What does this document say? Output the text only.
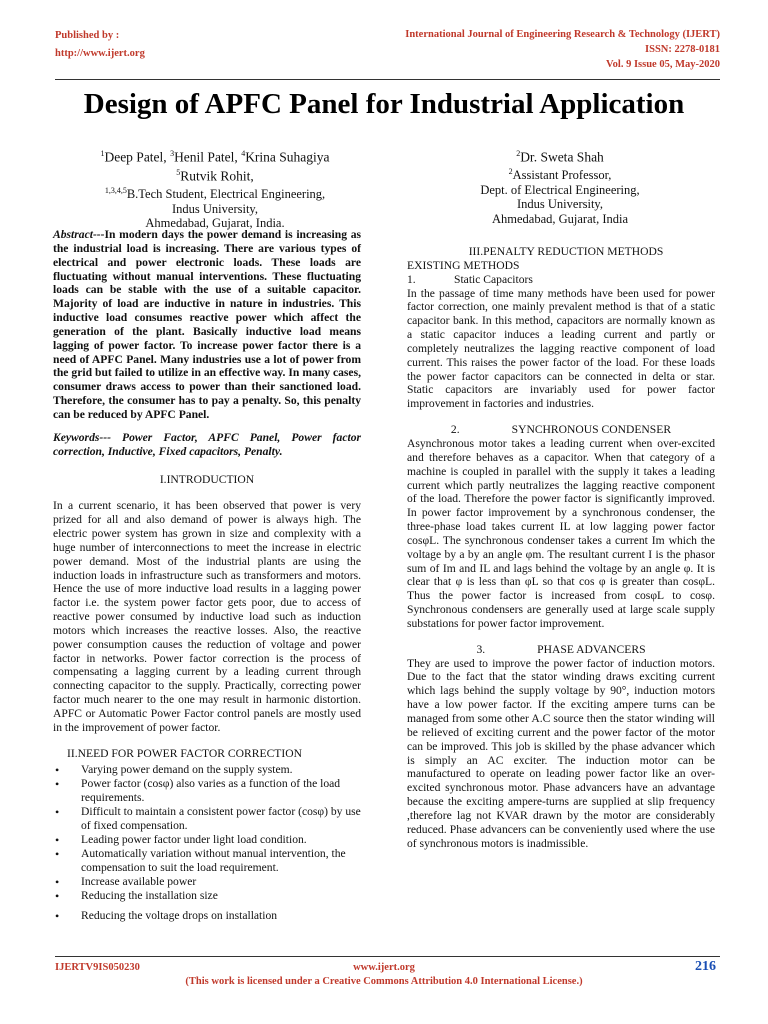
Published by :
http://www.ijert.org
International Journal of Engineering Research & Technology (IJERT)
ISSN: 2278-0181
Vol. 9 Issue 05, May-2020
Design of APFC Panel for Industrial Application
$^1$Deep Patel, $^3$Henil Patel, $^4$Krina Suhagiya
$^5$Rutvik Rohit,
$^{1,3,4,5}$B.Tech Student, Electrical Engineering,
Indus University,
Ahmedabad, Gujarat, India.
$^2$Dr. Sweta Shah
$^2$Assistant Professor,
Dept. of Electrical Engineering,
Indus University,
Ahmedabad, Gujarat, India

Abstract---In modern days the power demand is increasing as the industrial load is increasing. There are various types of electrical and power electronic loads. These loads are fluctuating without manual interventions. These fluctuating loads can be stable with the use of a suitable capacitor. Majority of load are inductive in nature in industries. This inductive load consumes reactive power which affect the generation of the plant. Basically inductive load means lagging of power factor. To increase power factor there is a need of APFC Panel. Many industries use a lot of power from the grid but failed to utilize in an effective way. In many cases, consumer draws access to power than their sanctioned load. Therefore, the consumer has to pay a penalty. So, this penalty can be reduced by APFC Panel.

Keywords--- Power Factor, APFC Panel, Power factor correction, Inductive, Fixed capacitors, Penalty.

I.INTRODUCTION

In a current scenario, it has been observed that power is very prized for all and also demand of power is always high. The electric power system has grown in size and complexity with a huge number of interconnections to meet the increase in electric power demand. Most of the industrial plants are using the induction loads in infrastructure such as transformers and motors. Hence the use of more inductive load results in a lagging power factor i.e. the system power factor gets poor, due to access of reactive power consumed by inductive load such as induction motors which increases the reactive losses. Also, the reactive power consumption causes the reduction of voltage and power factor in networks. Power factor correction is the process of compensating a lagging current by a leading current through connecting capacitor to the supply. Practically, correcting power factor much nearer to the one may result in harmonic distortion. APFC or Automatic Power Factor control panels are mostly used in the improvement of power factor.

II.NEED FOR POWER FACTOR CORRECTION
• Varying power demand on the supply system.
• Power factor (cosφ) also varies as a function of the load requirements.
• Difficult to maintain a consistent power factor (cosφ) by use of fixed compensation.
• Leading power factor under light load condition.
• Automatically variation without manual intervention, the compensation to suit the load requirement.
• Increase available power
• Reducing the installation size
• Reducing the voltage drops on installation
III.PENALTY REDUCTION METHODS
EXISTING METHODS
1.	Static Capacitors

In the passage of time many methods have been used for power factor correction, one mainly prevalent method is that of a static capacitor bank. In this method, capacitors are normally known as a static capacitor induces a leading current and partly or completely neutralizes the lagging reactive component of load current. This raises the power factor of the load. For these loads the power factor capacitors can be connected in delta or star. Static capacitors are invariably used for power factor improvement in factories and industries.

2.	SYNCHRONOUS CONDENSER

Asynchronous motor takes a leading current when over-excited and therefore behaves as a capacitor. When that category of a machine is coupled in parallel with the supply it takes a leading current which partly neutralizes the lagging reactive component of the load. Therefore the power factor is significantly improved. In power factor improvement by a synchronous condenser, the three-phase load takes current IL at low lagging power factor cosφL. The synchronous condenser takes a current Im which the voltage by a by an angle φm. The resultant current I is the phasor sum of Im and IL and lags behind the voltage by an angle φ. It is clear that φ is less than φL so that cos φ is greater than cosφL. Thus the power factor is increased from cosφL to cosφ. Synchronous condensers are generally used at large scale supply substations for power factor improvement.

3.	PHASE ADVANCERS

They are used to improve the power factor of induction motors. Due to the fact that the stator winding draws exciting current which lags behind the supply voltage by 90°, induction motors have a low power factor. If the exciting ampere turns can be managed from some other A.C source then the stator winding will be relieved of exciting current and the power factor of the motor can be improved. This job is skilled by the phase advancer which is simply an AC exciter. The induction motor can be manufactured to operate on leading power factor like an over-excited synchronous motor. Phase advancers have an advantage because the exciting ampere-turns are supplied at slip frequency ,therefore lag not KVAR drawn by the motor are considerably reduced. Phase advancers can be conveniently used where the use of synchronous motors is inadmissible.

IJERTV9IS050230	www.ijert.org	216
(This work is licensed under a Creative Commons Attribution 4.0 International License.)
